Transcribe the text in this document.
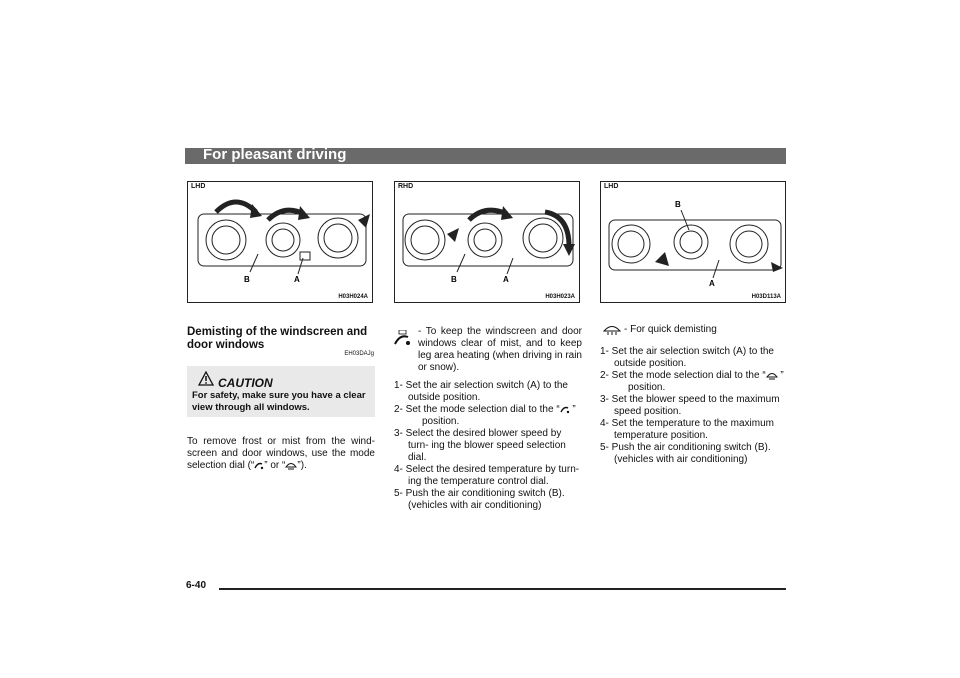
For pleasant driving
LHD
B	A
H03H024A
RHD
B	A
H03H023A
LHD
B
A
H03D113A
Demisting of the windscreen and door windows
EH03DAJg
CAUTION
For safety, make sure you have a clear view through all windows.
To remove frost or mist from the wind- screen and door windows, use the mode selection dial (“ ” or “ ”).
- To keep the windscreen and door windows clear of mist, and to keep leg area heating (when driving in rain or snow).
1- Set the air selection switch (A) to the outside position.
2- Set the mode selection dial to the “ ”
position.
3- Select the desired blower speed by turn- ing the blower speed selection dial.
4- Select the desired temperature by turn- ing the temperature control dial.
5- Push the air conditioning switch (B). (vehicles with air conditioning)
- For quick demisting
1- Set the air selection switch (A) to the outside position.
2- Set the mode selection dial to the “ ”
position.
3- Set the blower speed to the maximum speed position.
4- Set the temperature to the maximum temperature position.
5- Push the air conditioning switch (B). (vehicles with air conditioning)
6-40
